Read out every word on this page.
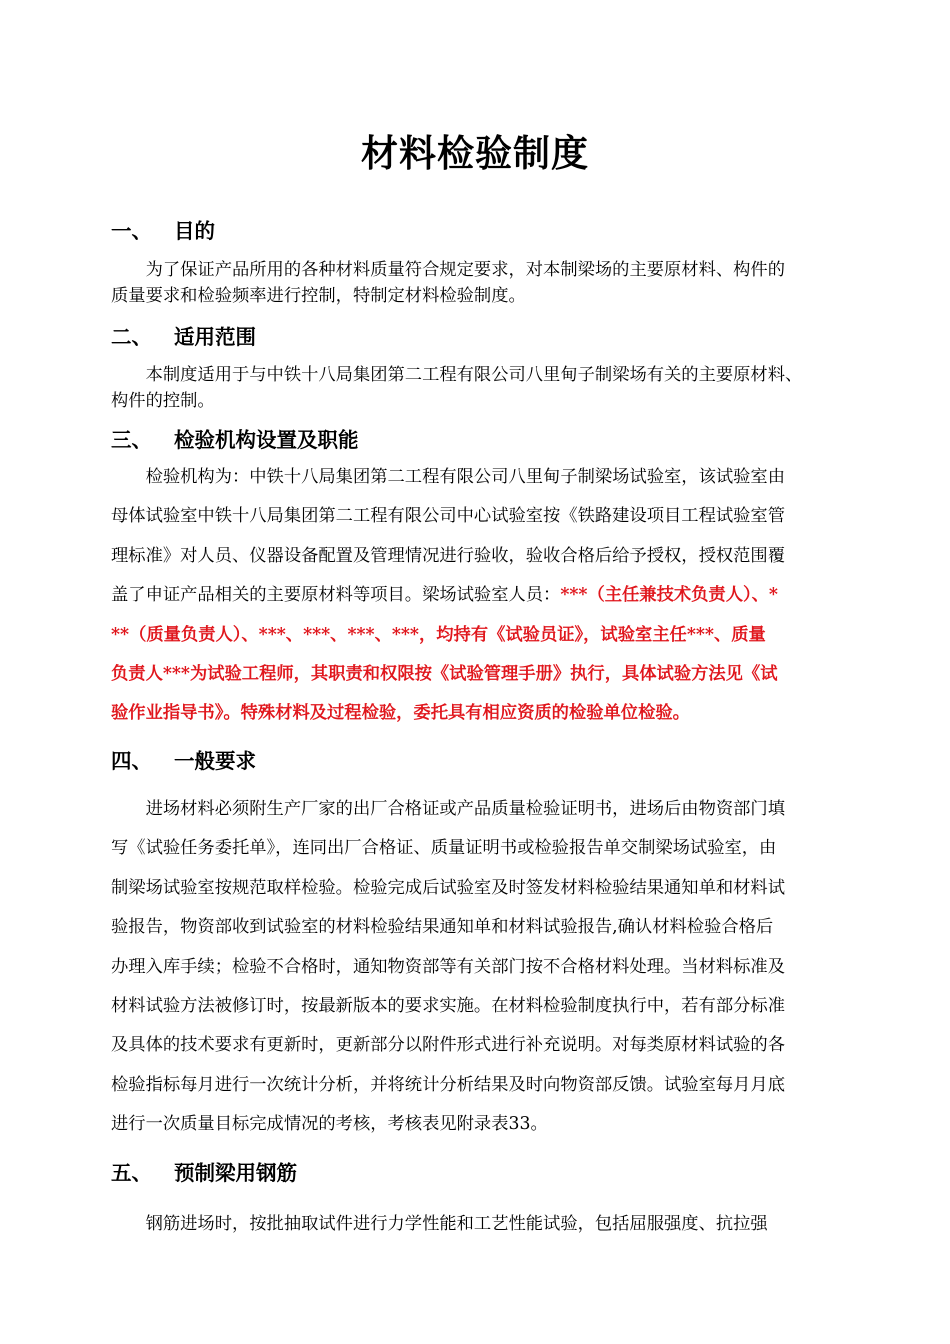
材料检验制度
一、 目的
　　为了保证产品所用的各种材料质量符合规定要求，对本制梁场的主要原材料、构件的
质量要求和检验频率进行控制，特制定材料检验制度。
二、 适用范围
　　本制度适用于与中铁十八局集团第二工程有限公司八里甸子制梁场有关的主要原材料、
构件的控制。
三、 检验机构设置及职能
　　检验机构为：中铁十八局集团第二工程有限公司八里甸子制梁场试验室，该试验室由
母体试验室中铁十八局集团第二工程有限公司中心试验室按《铁路建设项目工程试验室管
理标准》对人员、仪器设备配置及管理情况进行验收，验收合格后给予授权，授权范围覆
盖了申证产品相关的主要原材料等项目。梁场试验室人员：***（主任兼技术负责人）、*
**（质量负责人）、***、***、***、***，均持有《试验员证》，试验室主任***、质量
负责人***为试验工程师，其职责和权限按《试验管理手册》执行，具体试验方法见《试
验作业指导书》。特殊材料及过程检验，委托具有相应资质的检验单位检验。
四、 一般要求
　　进场材料必须附生产厂家的出厂合格证或产品质量检验证明书，进场后由物资部门填
写《试验任务委托单》，连同出厂合格证、质量证明书或检验报告单交制梁场试验室，由
制梁场试验室按规范取样检验。检验完成后试验室及时签发材料检验结果通知单和材料试
验报告，物资部收到试验室的材料检验结果通知单和材料试验报告,确认材料检验合格后
办理入库手续；检验不合格时，通知物资部等有关部门按不合格材料处理。当材料标准及
材料试验方法被修订时，按最新版本的要求实施。在材料检验制度执行中，若有部分标准
及具体的技术要求有更新时，更新部分以附件形式进行补充说明。对每类原材料试验的各
检验指标每月进行一次统计分析，并将统计分析结果及时向物资部反馈。试验室每月月底
进行一次质量目标完成情况的考核，考核表见附录表33。
五、 预制梁用钢筋
　　钢筋进场时，按批抽取试件进行力学性能和工艺性能试验，包括屈服强度、抗拉强
